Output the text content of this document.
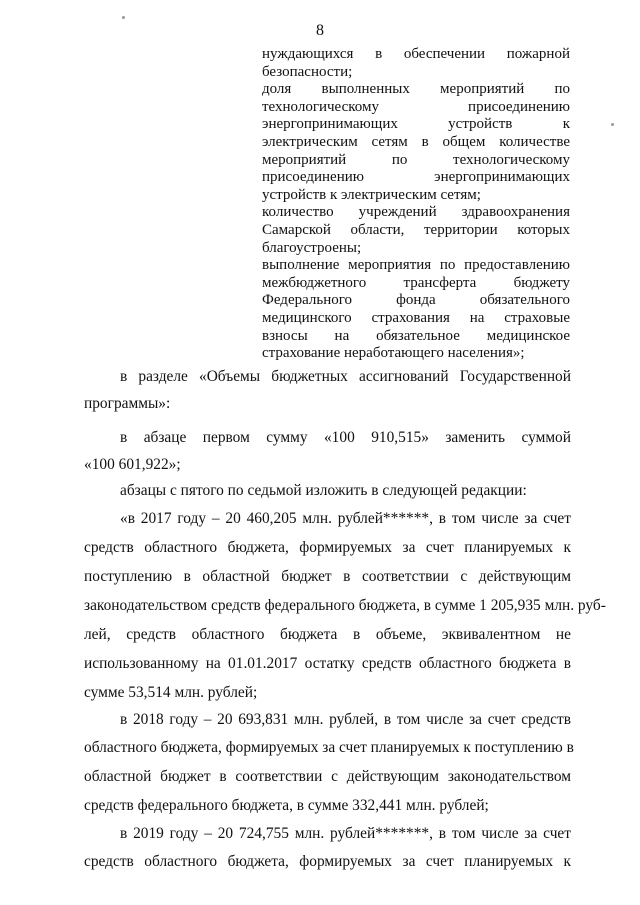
8
нуждающихся в обеспечении пожарной
безопасности;
доля выполненных мероприятий по
технологическому присоединению
энергопринимающих устройств к
электрическим сетям в общем количестве
мероприятий по технологическому
присоединению энергопринимающих
устройств к электрическим сетям;
количество учреждений здравоохранения
Самарской области, территории которых
благоустроены;
выполнение мероприятия по предоставлению
межбюджетного трансферта бюджету
Федерального фонда обязательного
медицинского страхования на страховые
взносы на обязательное медицинское
страхование неработающего населения»;
в разделе «Объемы бюджетных ассигнований Государственной
программы»:
в абзаце первом сумму «100 910,515» заменить суммой
«100 601,922»;
абзацы с пятого по седьмой изложить в следующей редакции:
«в 2017 году – 20 460,205 млн. рублей******, в том числе за счет
средств областного бюджета, формируемых за счет планируемых к
поступлению в областной бюджет в соответствии с действующим
законодательством средств федерального бюджета, в сумме 1 205,935 млн. руб-
лей, средств областного бюджета в объеме, эквивалентном не
использованному на 01.01.2017 остатку средств областного бюджета в
сумме 53,514 млн. рублей;
в 2018 году – 20 693,831 млн. рублей, в том числе за счет средств
областного бюджета, формируемых за счет планируемых к поступлению в
областной бюджет в соответствии с действующим законодательством
средств федерального бюджета, в сумме 332,441 млн. рублей;
в 2019 году – 20 724,755 млн. рублей*******, в том числе за счет
средств областного бюджета, формируемых за счет планируемых к
